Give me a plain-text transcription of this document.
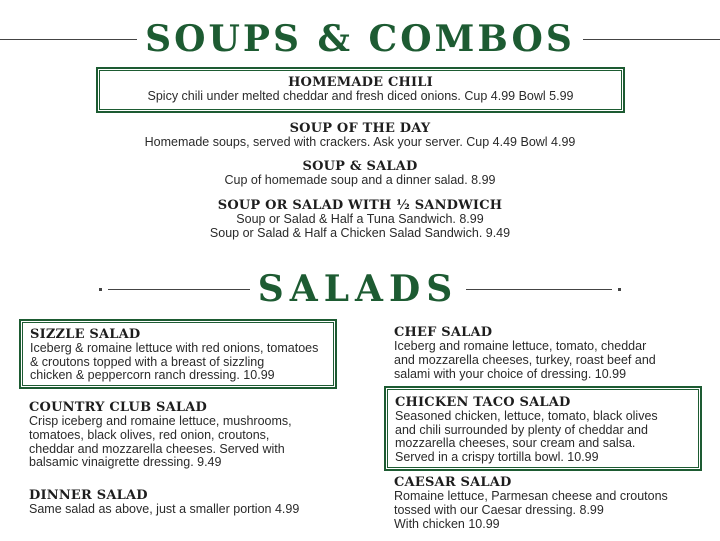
SOUPS & COMBOS
HOMEMADE CHILI
Spicy chili under melted cheddar and fresh diced onions. Cup 4.99 Bowl 5.99
SOUP OF THE DAY
Homemade soups, served with crackers. Ask your server. Cup 4.49 Bowl 4.99
SOUP & SALAD
Cup of homemade soup and a dinner salad. 8.99
SOUP OR SALAD WITH ½ SANDWICH
Soup or Salad & Half a Tuna Sandwich. 8.99
Soup or Salad & Half a Chicken Salad Sandwich. 9.49
SALADS
SIZZLE SALAD
Iceberg & romaine lettuce with red onions, tomatoes
& croutons topped with a breast of sizzling
chicken & peppercorn ranch dressing. 10.99
COUNTRY CLUB SALAD
Crisp iceberg and romaine lettuce, mushrooms,
tomatoes, black olives, red onion, croutons,
cheddar and mozzarella cheeses. Served with
balsamic vinaigrette dressing. 9.49
DINNER SALAD
Same salad as above, just a smaller portion 4.99
CHEF SALAD
Iceberg and romaine lettuce, tomato, cheddar
and mozzarella cheeses, turkey, roast beef and
salami with your choice of dressing. 10.99
CHICKEN TACO SALAD
Seasoned chicken, lettuce, tomato, black olives
and chili surrounded by plenty of cheddar and
mozzarella cheeses, sour cream and salsa.
Served in a crispy tortilla bowl. 10.99
CAESAR SALAD
Romaine lettuce, Parmesan cheese and croutons
tossed with our Caesar dressing. 8.99
With chicken 10.99
